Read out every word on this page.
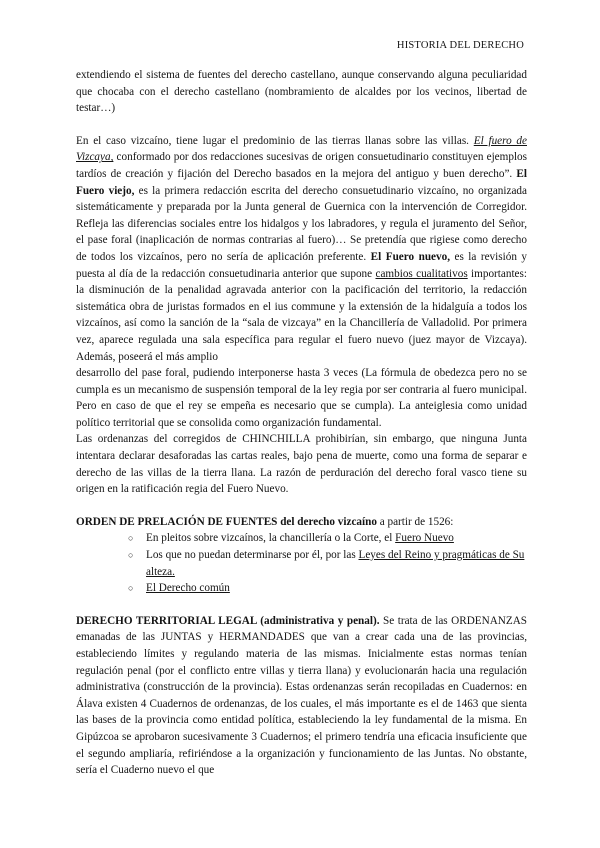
HISTORIA DEL DERECHO

extendiendo el sistema de fuentes del derecho castellano, aunque conservando alguna peculiaridad que chocaba con el derecho castellano (nombramiento de alcaldes por los vecinos, libertad de testar…)

En el caso vizcaíno, tiene lugar el predominio de las tierras llanas sobre las villas. El fuero de Vizcaya, conformado por dos redacciones sucesivas de origen consuetudinario constituyen ejemplos tardíos de creación y fijación del Derecho basados en la mejora del antiguo y buen derecho”. El Fuero viejo, es la primera redacción escrita del derecho consuetudinario vizcaíno, no organizada sistemáticamente y preparada por la Junta general de Guernica con la intervención de Corregidor. Refleja las diferencias sociales entre los hidalgos y los labradores, y regula el juramento del Señor, el pase foral (inaplicación de normas contrarias al fuero)… Se pretendía que rigiese como derecho de todos los vizcaínos, pero no sería de aplicación preferente. El Fuero nuevo, es la revisión y puesta al día de la redacción consuetudinaria anterior que supone cambios cualitativos importantes: la disminución de la penalidad agravada anterior con la pacificación del territorio, la redacción sistemática obra de juristas formados en el ius commune y la extensión de la hidalguía a todos los vizcaínos, así como la sanción de la “sala de vizcaya” en la Chancillería de Valladolid. Por primera vez, aparece regulada una sala específica para regular el fuero nuevo (juez mayor de Vizcaya). Además, poseerá el más amplio

desarrollo del pase foral, pudiendo interponerse hasta 3 veces (La fórmula de obedezca pero no se cumpla es un mecanismo de suspensión temporal de la ley regia por ser contraria al fuero municipal. Pero en caso de que el rey se empeña es necesario que se cumpla). La anteiglesia como unidad político territorial que se consolida como organización fundamental.

Las ordenanzas del corregidos de CHINCHILLA prohibirían, sin embargo, que ninguna Junta intentara declarar desaforadas las cartas reales, bajo pena de muerte, como una forma de separar e derecho de las villas de la tierra llana. La razón de perduración del derecho foral vasco tiene su origen en la ratificación regia del Fuero Nuevo.

ORDEN DE PRELACIÓN DE FUENTES del derecho vizcaíno a partir de 1526:

○ En pleitos sobre vizcaínos, la chancillería o la Corte, el Fuero Nuevo
○ Los que no puedan determinarse por él, por las Leyes del Reino y pragmáticas de Su alteza.
○ El Derecho común

DERECHO TERRITORIAL LEGAL (administrativa y penal). Se trata de las ORDENANZAS emanadas de las JUNTAS y HERMANDADES que van a crear cada una de las provincias, estableciendo límites y regulando materia de las mismas. Inicialmente estas normas tenían regulación penal (por el conflicto entre villas y tierra llana) y evolucionarán hacia una regulación administrativa (construcción de la provincia). Estas ordenanzas serán recopiladas en Cuadernos: en Álava existen 4 Cuadernos de ordenanzas, de los cuales, el más importante es el de 1463 que sienta las bases de la provincia como entidad política, estableciendo la ley fundamental de la misma. En Gipúzcoa se aprobaron sucesivamente 3 Cuadernos; el primero tendría una eficacia insuficiente que el segundo ampliaría, refiriéndose a la organización y funcionamiento de las Juntas. No obstante, sería el Cuaderno nuevo el que
